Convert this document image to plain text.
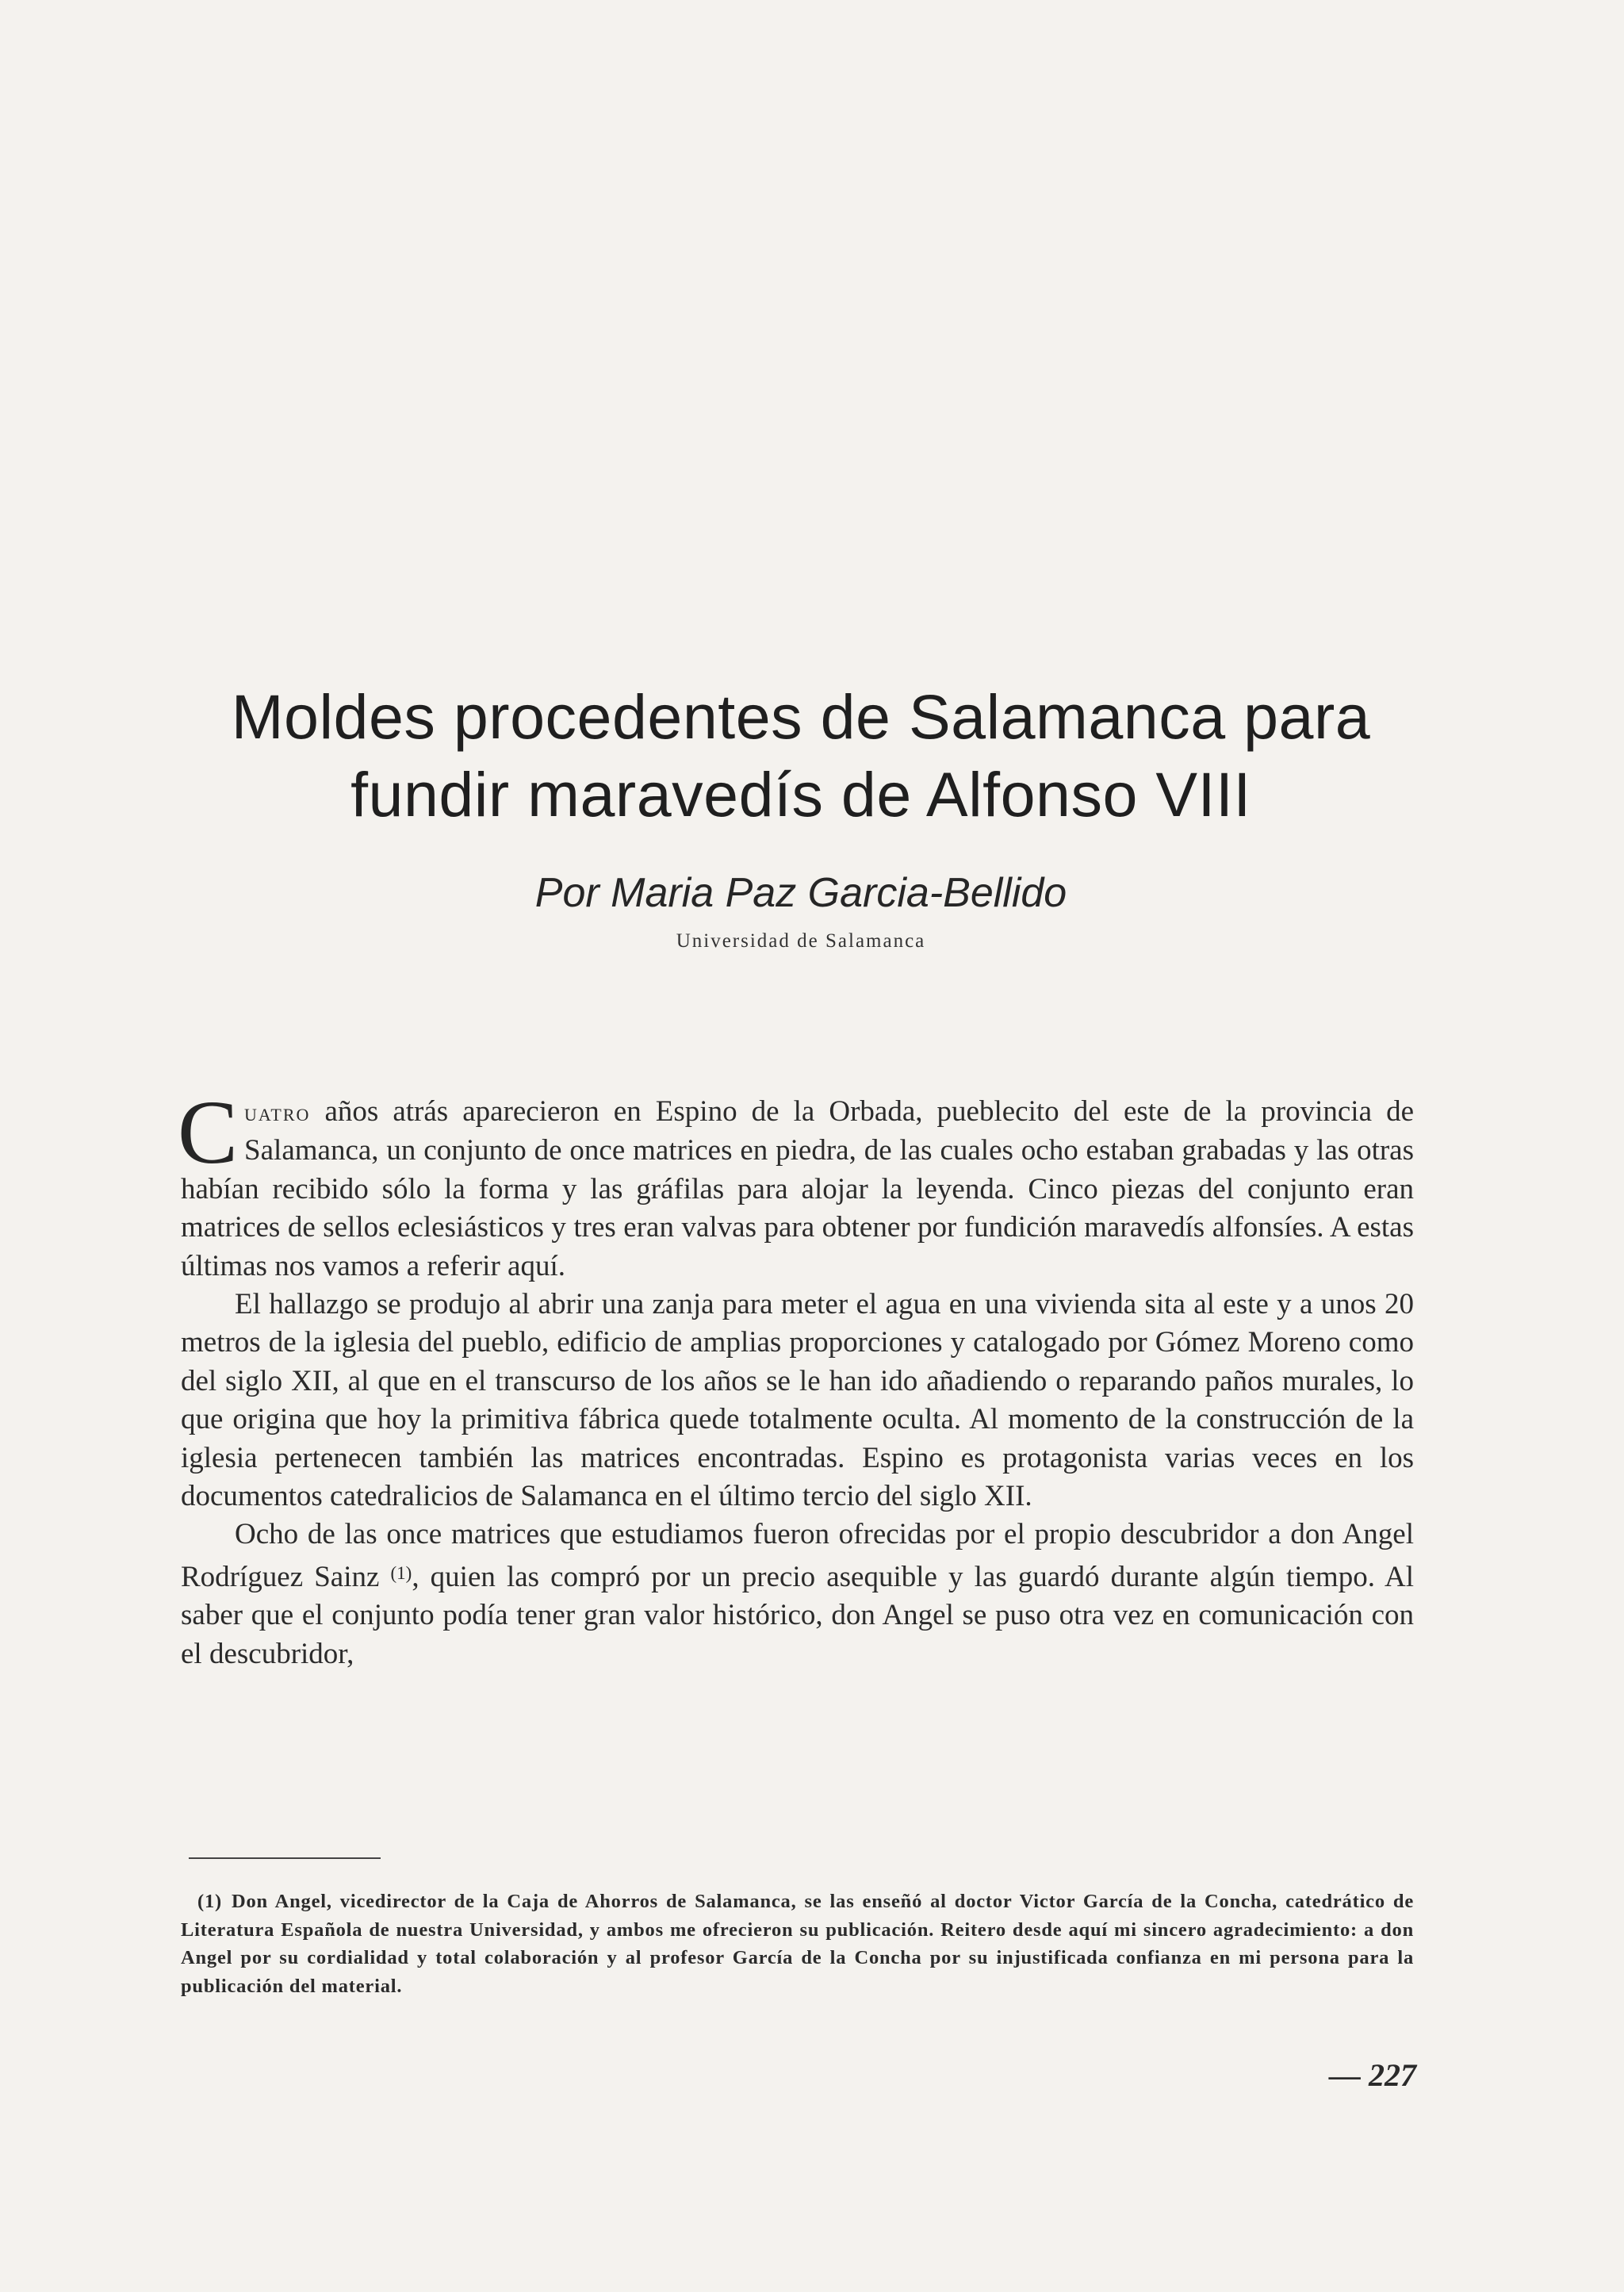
Moldes procedentes de Salamanca para
fundir maravedís de Alfonso VIII
Por Maria Paz Garcia-Bellido
Universidad de Salamanca

Cuatro años atrás aparecieron en Espino de la Orbada, pueblecito del este de la provincia de Salamanca, un conjunto de once matrices en piedra, de las cuales ocho estaban grabadas y las otras habían recibido sólo la forma y las gráfilas para alojar la leyenda. Cinco piezas del conjunto eran matrices de sellos eclesiásticos y tres eran valvas para obtener por fundición maravedís alfonsíes. A estas últimas nos vamos a referir aquí.

El hallazgo se produjo al abrir una zanja para meter el agua en una vivienda sita al este y a unos 20 metros de la iglesia del pueblo, edificio de amplias proporciones y catalogado por Gómez Moreno como del siglo XII, al que en el transcurso de los años se le han ido añadiendo o reparando paños murales, lo que origina que hoy la primitiva fábrica quede totalmente oculta. Al momento de la construcción de la iglesia pertenecen también las matrices encontradas. Espino es protagonista varias veces en los documentos catedralicios de Salamanca en el último tercio del siglo XII.

Ocho de las once matrices que estudiamos fueron ofrecidas por el propio descubridor a don Angel Rodríguez Sainz $^{(1)}$, quien las compró por un precio asequible y las guardó durante algún tiempo. Al saber que el conjunto podía tener gran valor histórico, don Angel se puso otra vez en comunicación con el descubridor,

(1) Don Angel, vicedirector de la Caja de Ahorros de Salamanca, se las enseñó al doctor Victor García de la Concha, catedrático de Literatura Española de nuestra Universidad, y ambos me ofrecieron su publicación. Reitero desde aquí mi sincero agradecimiento: a don Angel por su cordialidad y total colaboración y al profesor García de la Concha por su injustificada confianza en mi persona para la publicación del material.
— 227
